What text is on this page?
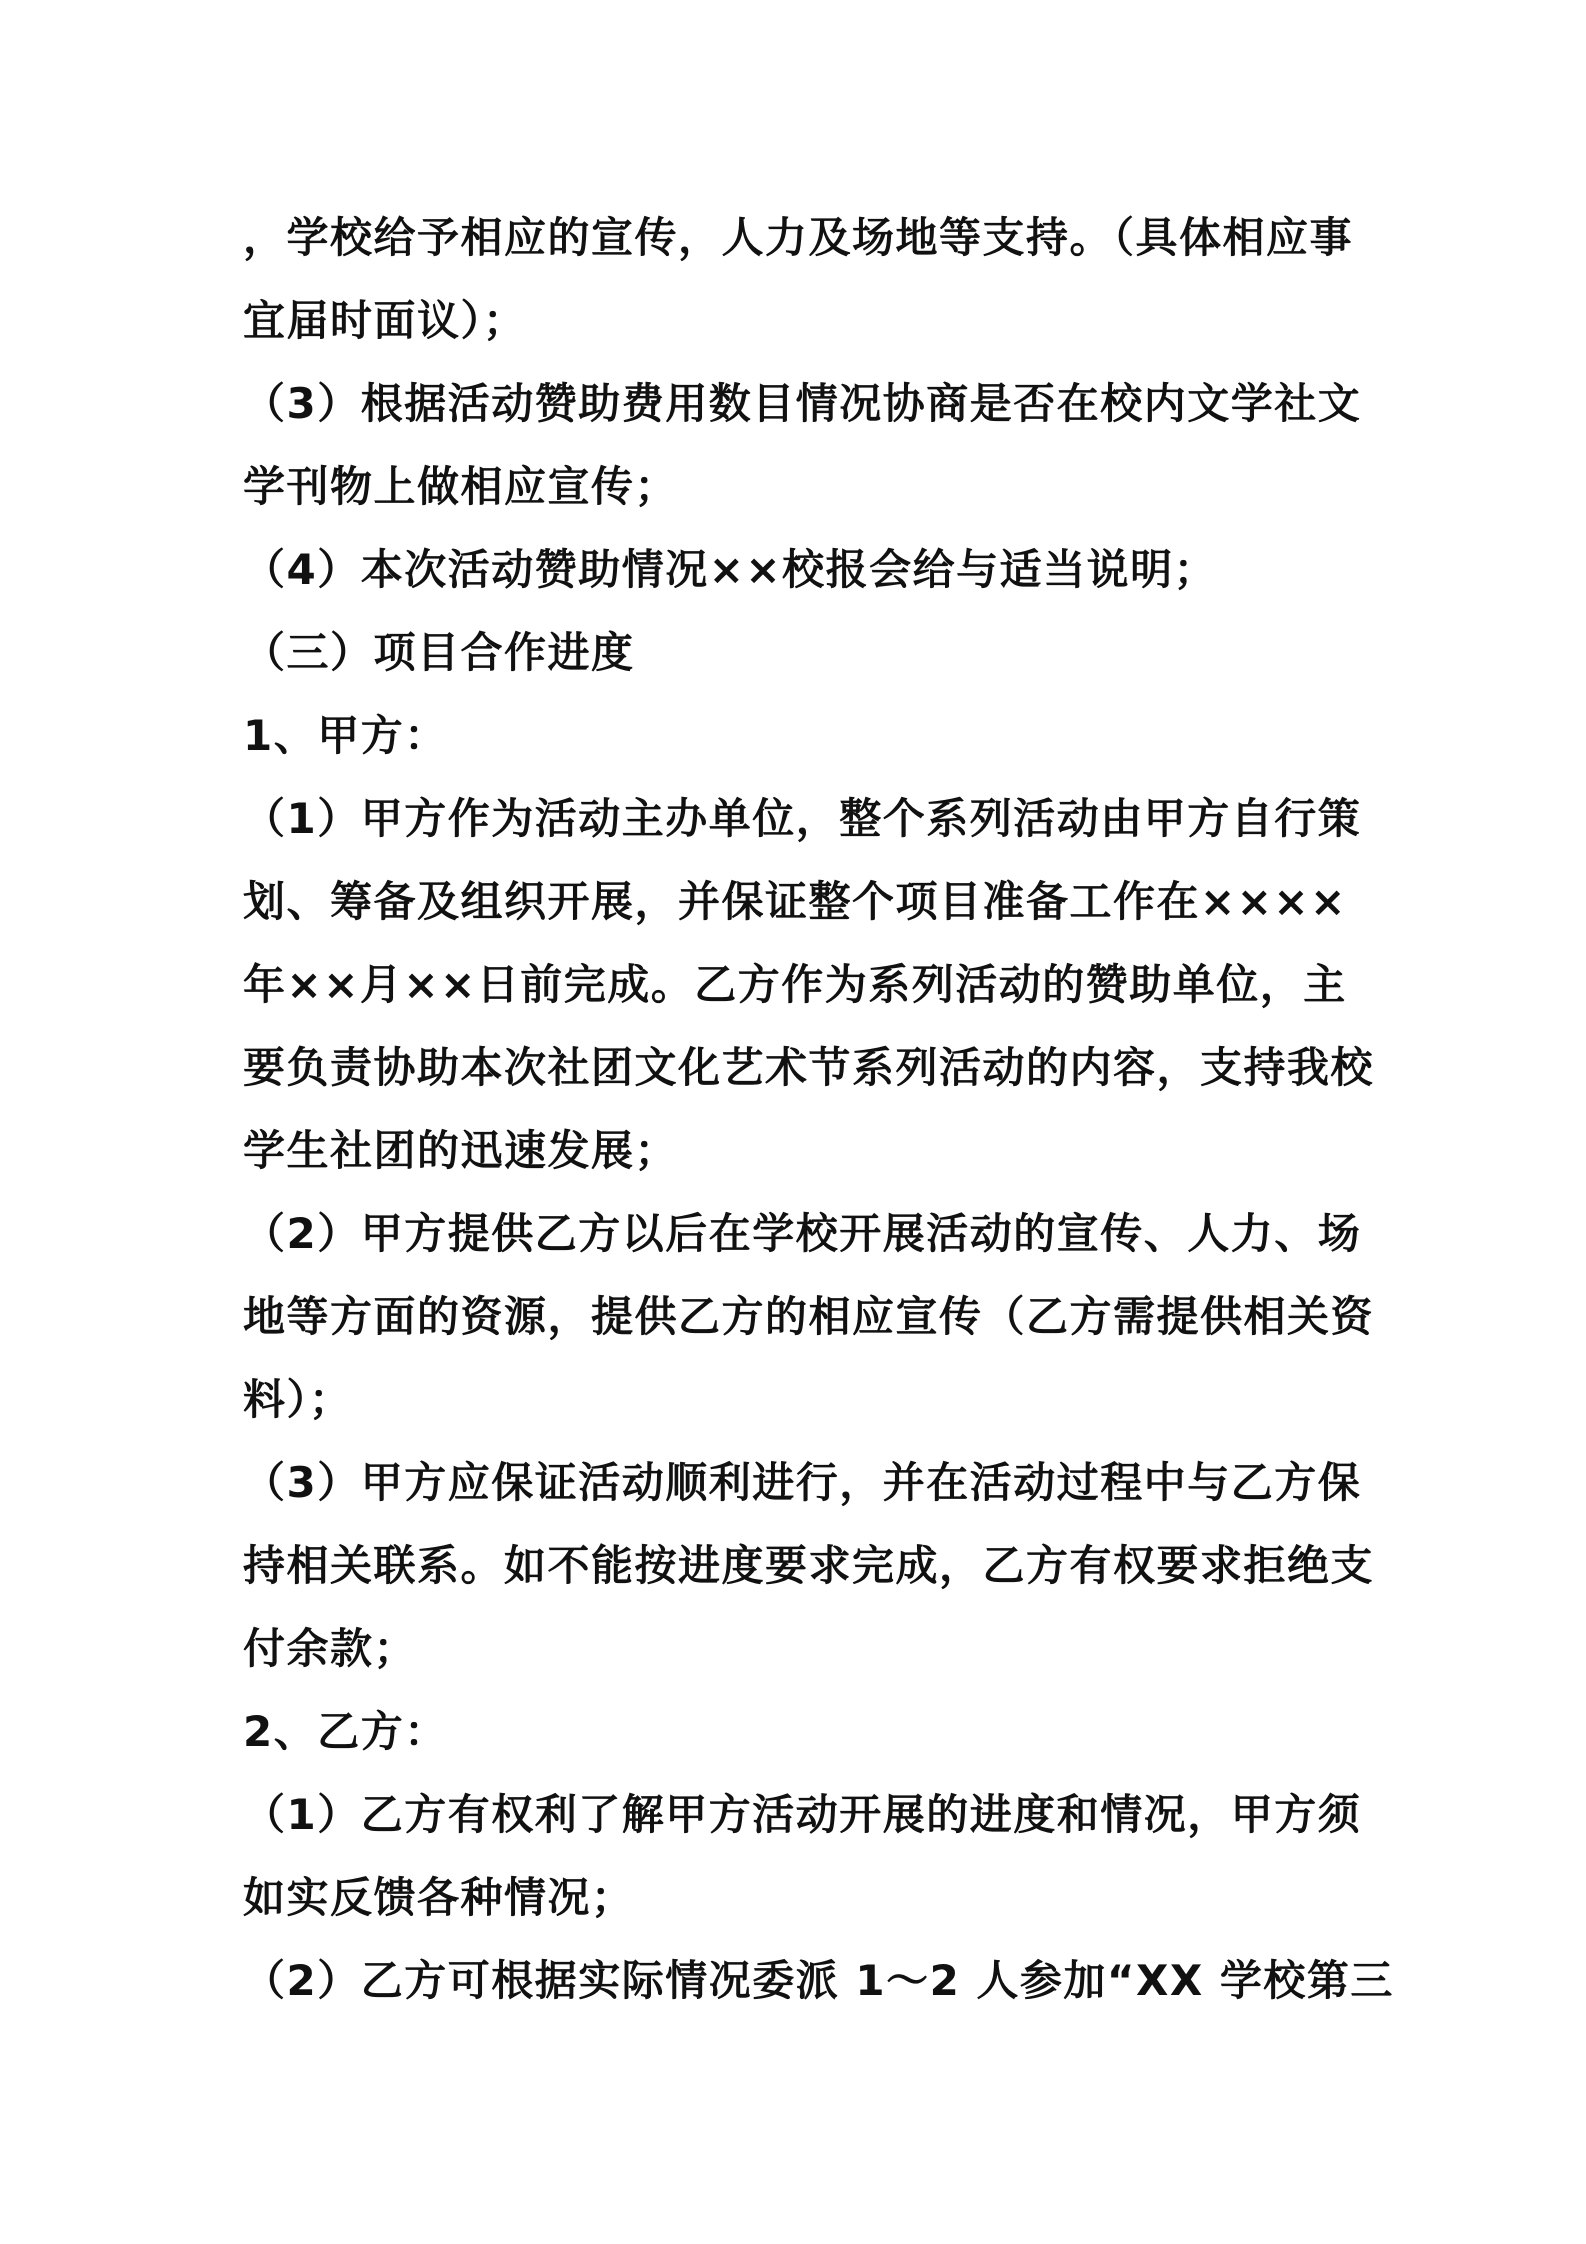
，学校给予相应的宣传，人力及场地等支持。（具体相应事
宜届时面议）；
（3）根据活动赞助费用数目情况协商是否在校内文学社文
学刊物上做相应宣传；
（4）本次活动赞助情况××校报会给与适当说明；
（三）项目合作进度
1、甲方：
（1）甲方作为活动主办单位，整个系列活动由甲方自行策
划、筹备及组织开展，并保证整个项目准备工作在××××
年××月××日前完成。乙方作为系列活动的赞助单位，主
要负责协助本次社团文化艺术节系列活动的内容，支持我校
学生社团的迅速发展；
（2）甲方提供乙方以后在学校开展活动的宣传、人力、场
地等方面的资源，提供乙方的相应宣传（乙方需提供相关资
料）；
（3）甲方应保证活动顺利进行，并在活动过程中与乙方保
持相关联系。如不能按进度要求完成，乙方有权要求拒绝支
付余款；
2、乙方：
（1）乙方有权利了解甲方活动开展的进度和情况，甲方须
如实反馈各种情况；
（2）乙方可根据实际情况委派 1～2 人参加“XX 学校第三
